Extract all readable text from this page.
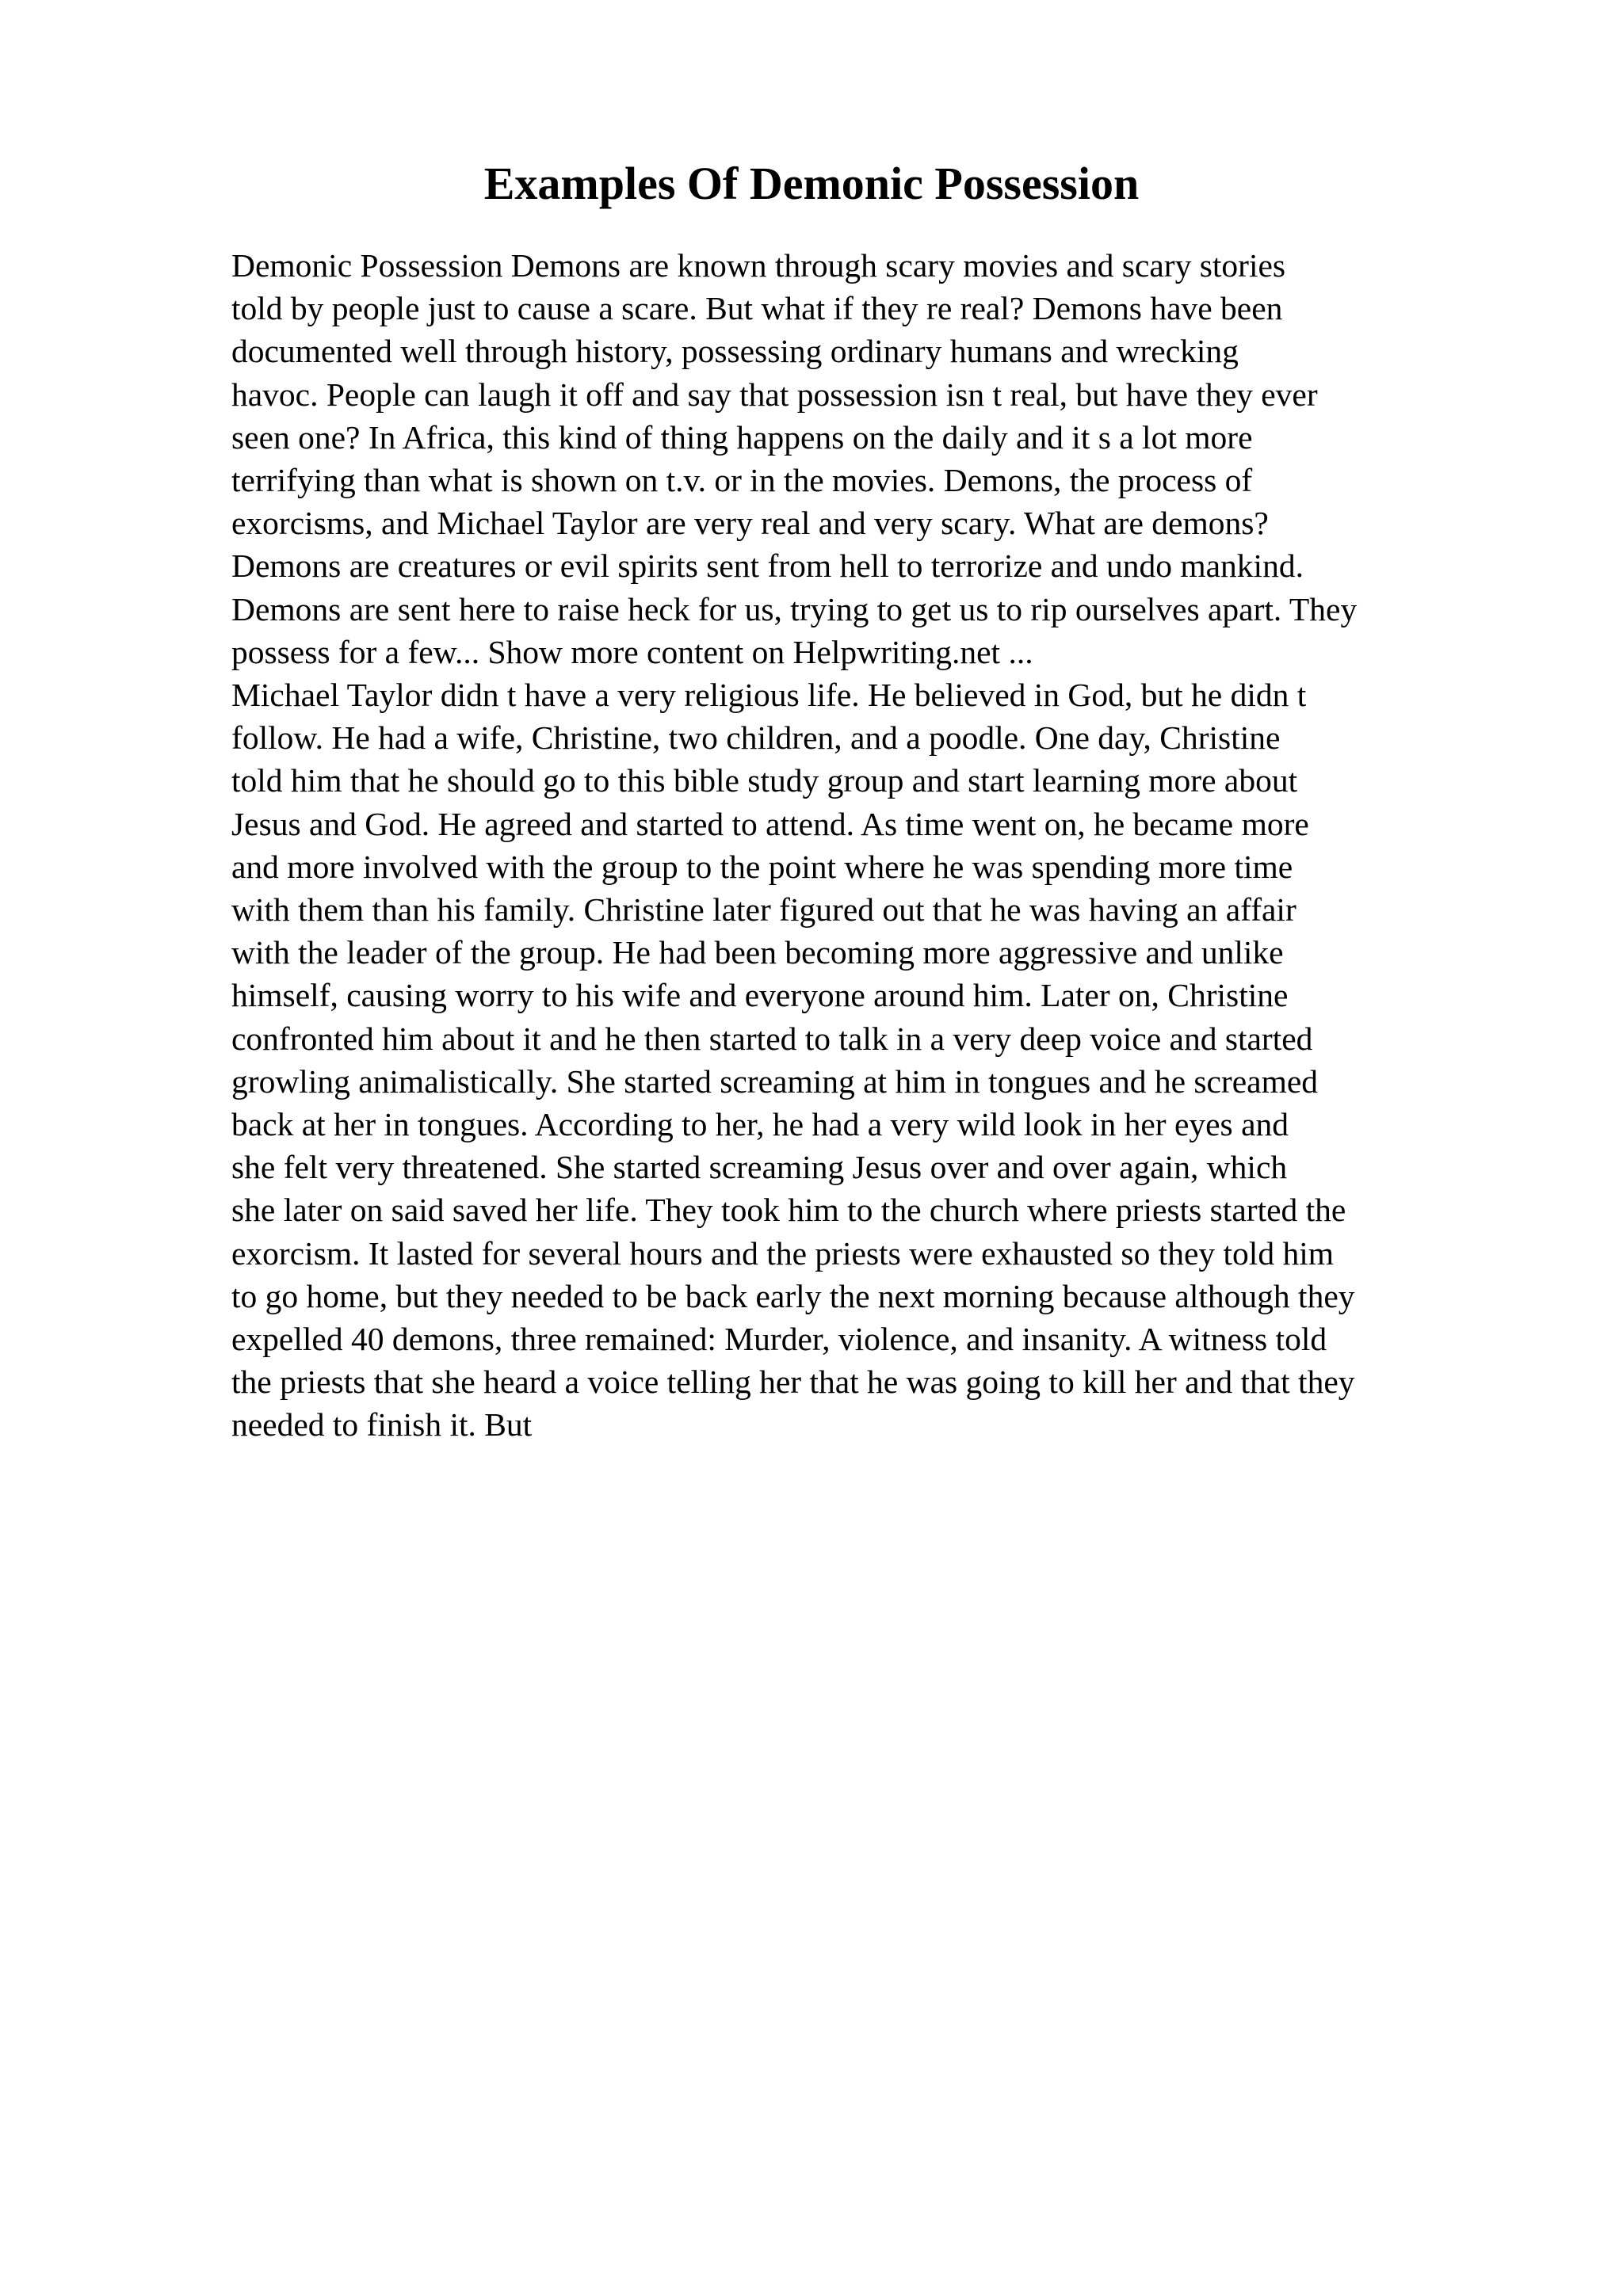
Examples Of Demonic Possession
Demonic Possession Demons are known through scary movies and scary stories
told by people just to cause a scare. But what if they re real? Demons have been
documented well through history, possessing ordinary humans and wrecking
havoc. People can laugh it off and say that possession isn t real, but have they ever
seen one? In Africa, this kind of thing happens on the daily and it s a lot more
terrifying than what is shown on t.v. or in the movies. Demons, the process of
exorcisms, and Michael Taylor are very real and very scary. What are demons?
Demons are creatures or evil spirits sent from hell to terrorize and undo mankind.
Demons are sent here to raise heck for us, trying to get us to rip ourselves apart. They
possess for a few... Show more content on Helpwriting.net ...
Michael Taylor didn t have a very religious life. He believed in God, but he didn t
follow. He had a wife, Christine, two children, and a poodle. One day, Christine
told him that he should go to this bible study group and start learning more about
Jesus and God. He agreed and started to attend. As time went on, he became more
and more involved with the group to the point where he was spending more time
with them than his family. Christine later figured out that he was having an affair
with the leader of the group. He had been becoming more aggressive and unlike
himself, causing worry to his wife and everyone around him. Later on, Christine
confronted him about it and he then started to talk in a very deep voice and started
growling animalistically. She started screaming at him in tongues and he screamed
back at her in tongues. According to her, he had a very wild look in her eyes and
she felt very threatened. She started screaming Jesus over and over again, which
she later on said saved her life. They took him to the church where priests started the
exorcism. It lasted for several hours and the priests were exhausted so they told him
to go home, but they needed to be back early the next morning because although they
expelled 40 demons, three remained: Murder, violence, and insanity. A witness told
the priests that she heard a voice telling her that he was going to kill her and that they
needed to finish it. But
